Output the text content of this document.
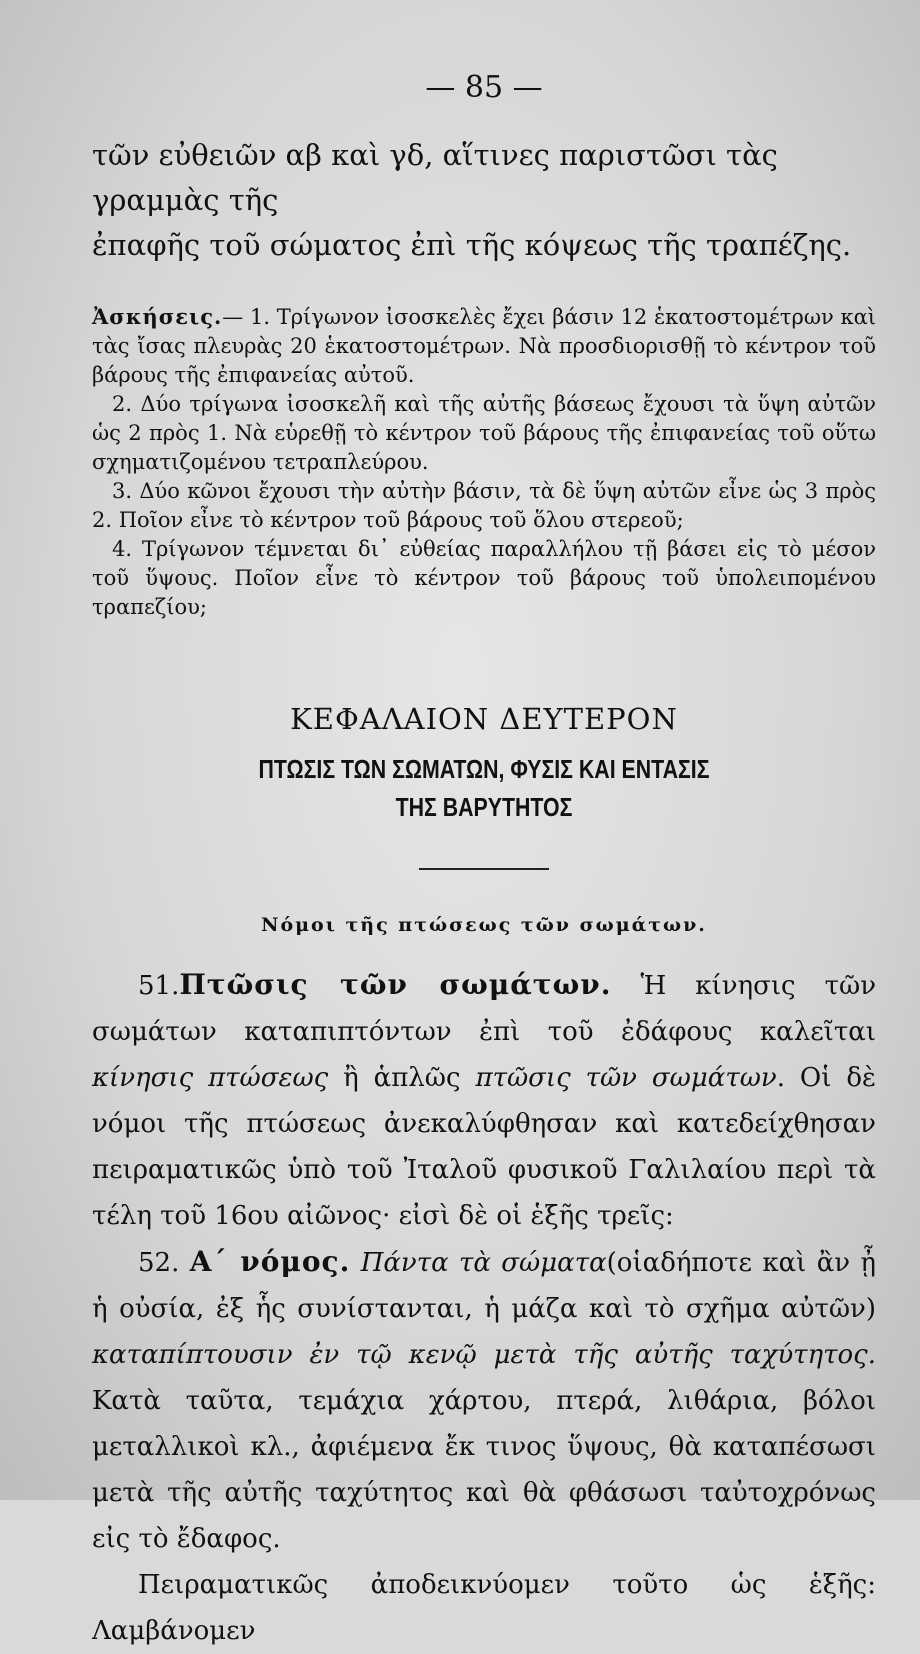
— 85 —

τῶν εὐθειῶν αβ καὶ γδ, αἵτινες παριστῶσι τὰς γραμμὰς τῆς

ἐπαφῆς τοῦ σώματος ἐπὶ τῆς κόψεως τῆς τραπέζης.

Ἀσκήσεις.— 1. Τρίγωνον ἰσοσκελὲς ἔχει βάσιν 12 ἑκατοστομέτρων καὶ τὰς ἴσας πλευρὰς 20 ἑκατοστομέτρων. Νὰ προσδιορισθῇ τὸ κέντρον τοῦ βάρους τῆς ἐπιφανείας αὐτοῦ.

2. Δύο τρίγωνα ἰσοσκελῆ καὶ τῆς αὐτῆς βάσεως ἔχουσι τὰ ὕψη αὐτῶν ὡς 2 πρὸς 1. Νὰ εὑρεθῇ τὸ κέντρον τοῦ βάρους τῆς ἐπιφανείας τοῦ οὕτω σχηματιζομένου τετραπλεύρου.

3. Δύο κῶνοι ἔχουσι τὴν αὐτὴν βάσιν, τὰ δὲ ὕψη αὐτῶν εἶνε ὡς 3 πρὸς 2. Ποῖον εἶνε τὸ κέντρον τοῦ βάρους τοῦ ὅλου στερεοῦ;

4. Τρίγωνον τέμνεται δι᾽ εὐθείας παραλλήλου τῇ βάσει εἰς τὸ μέσον τοῦ ὕψους. Ποῖον εἶνε τὸ κέντρον τοῦ βάρους τοῦ ὑπολειπομένου τραπεζίου;

ΚΕΦΑΛΑΙΟΝ ΔΕΥΤΕΡΟΝ
ΠΤΩΣΙΣ ΤΩΝ ΣΩΜΑΤΩΝ, ΦΥΣΙΣ ΚΑΙ ΕΝΤΑΣΙΣ
ΤΗΣ ΒΑΡΥΤΗΤΟΣ
Νόμοι τῆς πτώσεως τῶν σωμάτων.

51.Πτῶσις τῶν σωμάτων. Ἡ κίνησις τῶν σωμάτων καταπιπτόντων ἐπὶ τοῦ ἐδάφους καλεῖται κίνησις πτώσεως ἢ ἁπλῶς πτῶσις τῶν σωμάτων. Οἱ δὲ νόμοι τῆς πτώσεως ἀνεκαλύφθησαν καὶ κατεδείχθησαν πειραματικῶς ὑπὸ τοῦ Ἰταλοῦ φυσικοῦ Γαλιλαίου περὶ τὰ τέλη τοῦ 16ου αἰῶνος· εἰσὶ δὲ οἱ ἑξῆς τρεῖς:

52. Α΄ νόμος. Πάντα τὰ σώματα(οἱαδήποτε καὶ ἂν ᾖ ἡ οὐσία, ἐξ ἧς συνίστανται, ἡ μάζα καὶ τὸ σχῆμα αὐτῶν) καταπίπτουσιν ἐν τῷ κενῷ μετὰ τῆς αὐτῆς ταχύτητος. Κατὰ ταῦτα, τεμάχια χάρτου, πτερά, λιθάρια, βόλοι μεταλλικοὶ κλ., ἀφιέμενα ἔκ τινος ὕψους, θὰ καταπέσωσι μετὰ τῆς αὐτῆς ταχύτητος καὶ θὰ φθάσωσι ταὐτοχρόνως εἰς τὸ ἔδαφος.

Πειραματικῶς ἀποδεικνύομεν τοῦτο ὡς ἑξῆς: Λαμβάνομεν
